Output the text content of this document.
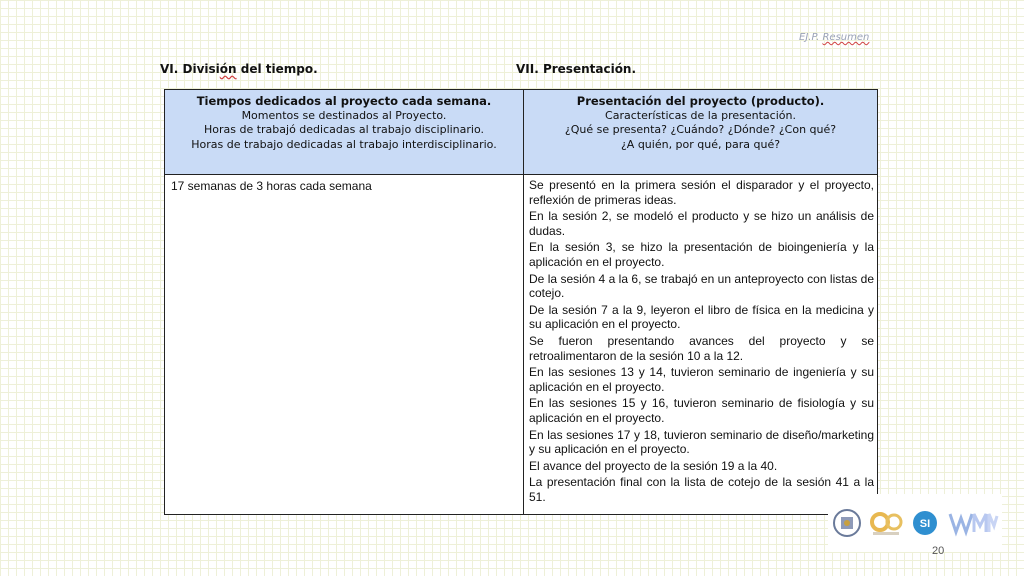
EJ.P. Resumen
VI. División del tiempo.	VII. Presentación.
Tiempos dedicados al proyecto cada semana.
Momentos se destinados al Proyecto.
Horas de trabajó dedicadas al trabajo disciplinario.
Horas de trabajo dedicadas al trabajo interdisciplinario.
17 semanas de 3 horas cada semana
Presentación del proyecto (producto).
Características de la presentación.
¿Qué se presenta? ¿Cuándo? ¿Dónde? ¿Con qué?
¿A quién, por qué, para qué?
Se presentó en la primera sesión el disparador y el proyecto, reflexión de primeras ideas.
En la sesión 2, se modeló el producto y se hizo un análisis de dudas.
En la sesión 3, se hizo la presentación de bioingeniería y la aplicación en el proyecto.
De la sesión 4 a la 6, se trabajó en un anteproyecto con listas de cotejo.
De la sesión 7 a la 9, leyeron el libro de física en la medicina y su aplicación en el proyecto.
Se fueron presentando avances del proyecto y se retroalimentaron de la sesión 10 a la 12.
En las sesiones 13 y 14, tuvieron seminario de ingeniería y su aplicación en el proyecto.
En las sesiones 15 y 16, tuvieron seminario de fisiología y su aplicación en el proyecto.
En las sesiones 17 y 18, tuvieron seminario de diseño/marketing y su aplicación en el proyecto.
El avance del proyecto de la sesión 19 a la 40.
La presentación final con la lista de cotejo de la sesión 41 a la 51.
SI
20
